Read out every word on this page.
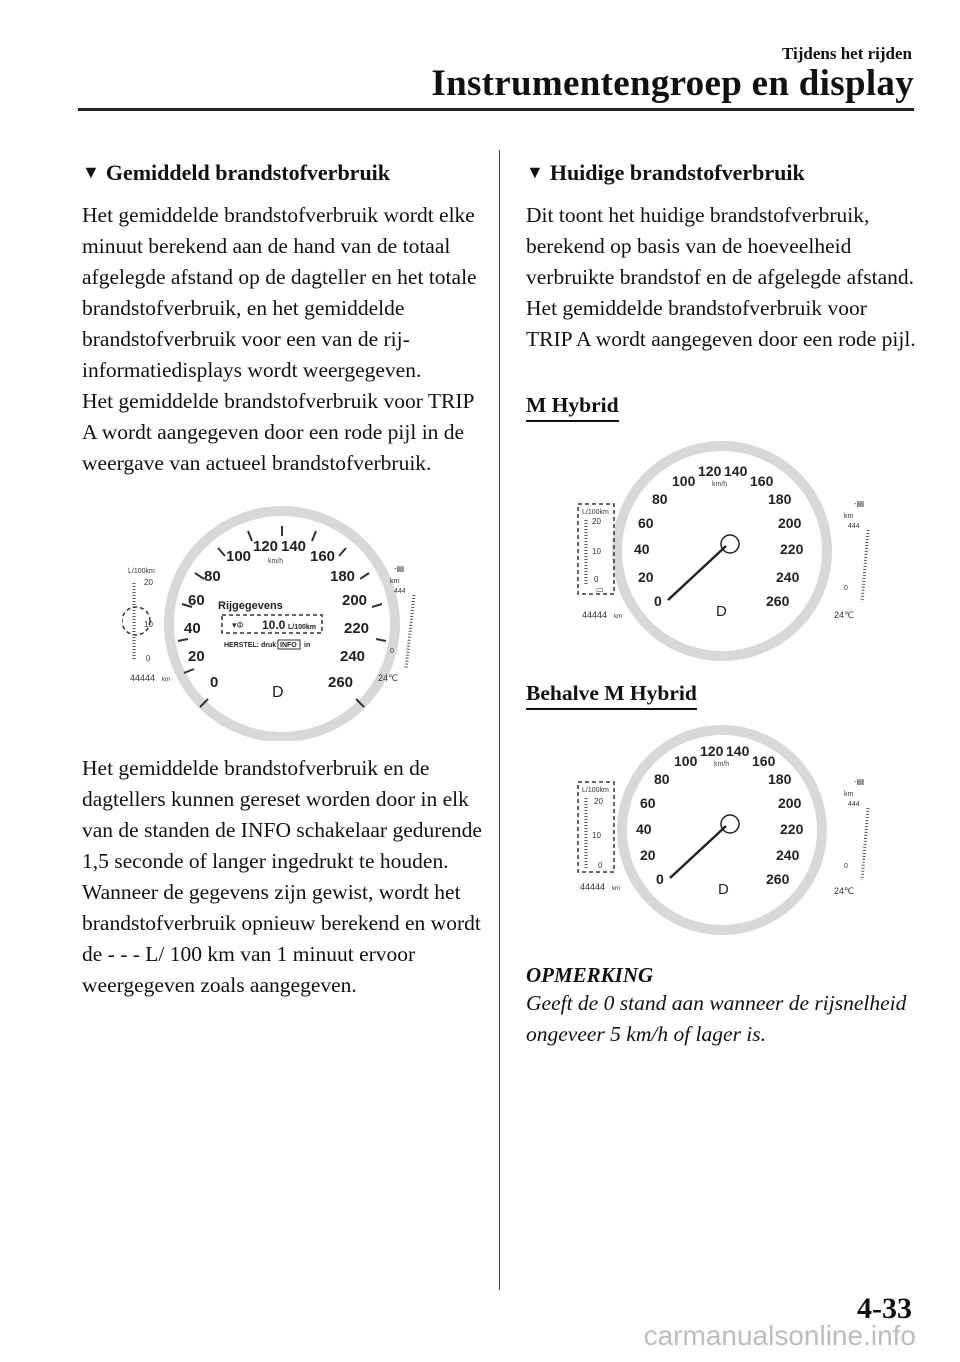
Tijdens het rijden
Instrumentengroep en display
▼ Gemiddeld brandstofverbruik

Het gemiddelde brandstofverbruik wordt elke minuut berekend aan de hand van de totaal afgelegde afstand op de dagteller en het totale brandstofverbruik, en het gemiddelde brandstofverbruik voor een van de rij-informatiedisplays wordt weergegeven.

Het gemiddelde brandstofverbruik voor TRIP A wordt aangegeven door een rode pijl in de weergave van actueel brandstofverbruik.

0
20
40
60
80
100
120 140
160
180
200
220
240
260
km/h
Rijgegevens
▾Φ 10.0 L/100km
HERSTEL: druk INFO in
D
L/100km
20
10
0
44444 km
-▤
km
444
0
24℃

Het gemiddelde brandstofverbruik en de dagtellers kunnen gereset worden door in elk van de standen de INFO schakelaar gedurende 1,5 seconde of langer ingedrukt te houden. Wanneer de gegevens zijn gewist, wordt het brandstofverbruik opnieuw berekend en wordt de - - - L/ 100 km van 1 minuut ervoor weergegeven zoals aangegeven.

▼ Huidige brandstofverbruik

Dit toont het huidige brandstofverbruik, berekend op basis van de hoeveelheid verbruikte brandstof en de afgelegde afstand.

Het gemiddelde brandstofverbruik voor TRIP A wordt aangegeven door een rode pijl.

M Hybrid
0
20
40
60
80
100
120 140
160
180
200
220
240
260
km/h
D
L/100km
20
10
0
▭
44444 km
-▤
km
444
0
24℃
Behalve M Hybrid
0
20
40
60
80
100
120 140
160
180
200
220
240
260
km/h
D
L/100km
20
10
0
44444 km
-▤
km
444
0
24℃
OPMERKING
Geeft de 0 stand aan wanneer de rijsnelheid ongeveer 5 km/h of lager is.
4-33
carmanualsonline.info
